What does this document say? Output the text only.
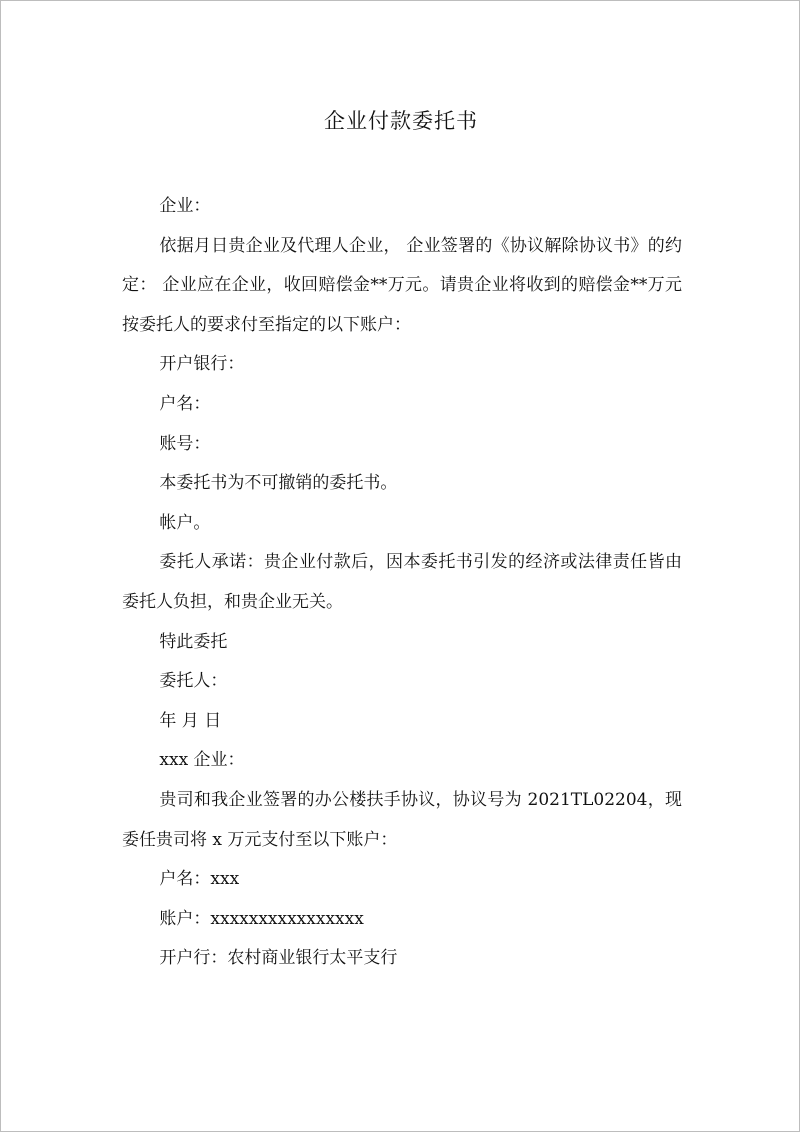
企业付款委托书

企业：

依据月日贵企业及代理人企业， 企业签署的《协议解除协议书》的约定： 企业应在企业，收回赔偿金**万元。请贵企业将收到的赔偿金**万元按委托人的要求付至指定的以下账户：

开户银行：

户名：

账号：

本委托书为不可撤销的委托书。

帐户。

委托人承诺：贵企业付款后，因本委托书引发的经济或法律责任皆由委托人负担，和贵企业无关。

特此委托

委托人：

年 月 日

xxx 企业：

贵司和我企业签署的办公楼扶手协议，协议号为 2021TL02204，现委任贵司将 x 万元支付至以下账户：

户名：xxx

账户：xxxxxxxxxxxxxxxx

开户行：农村商业银行太平支行
